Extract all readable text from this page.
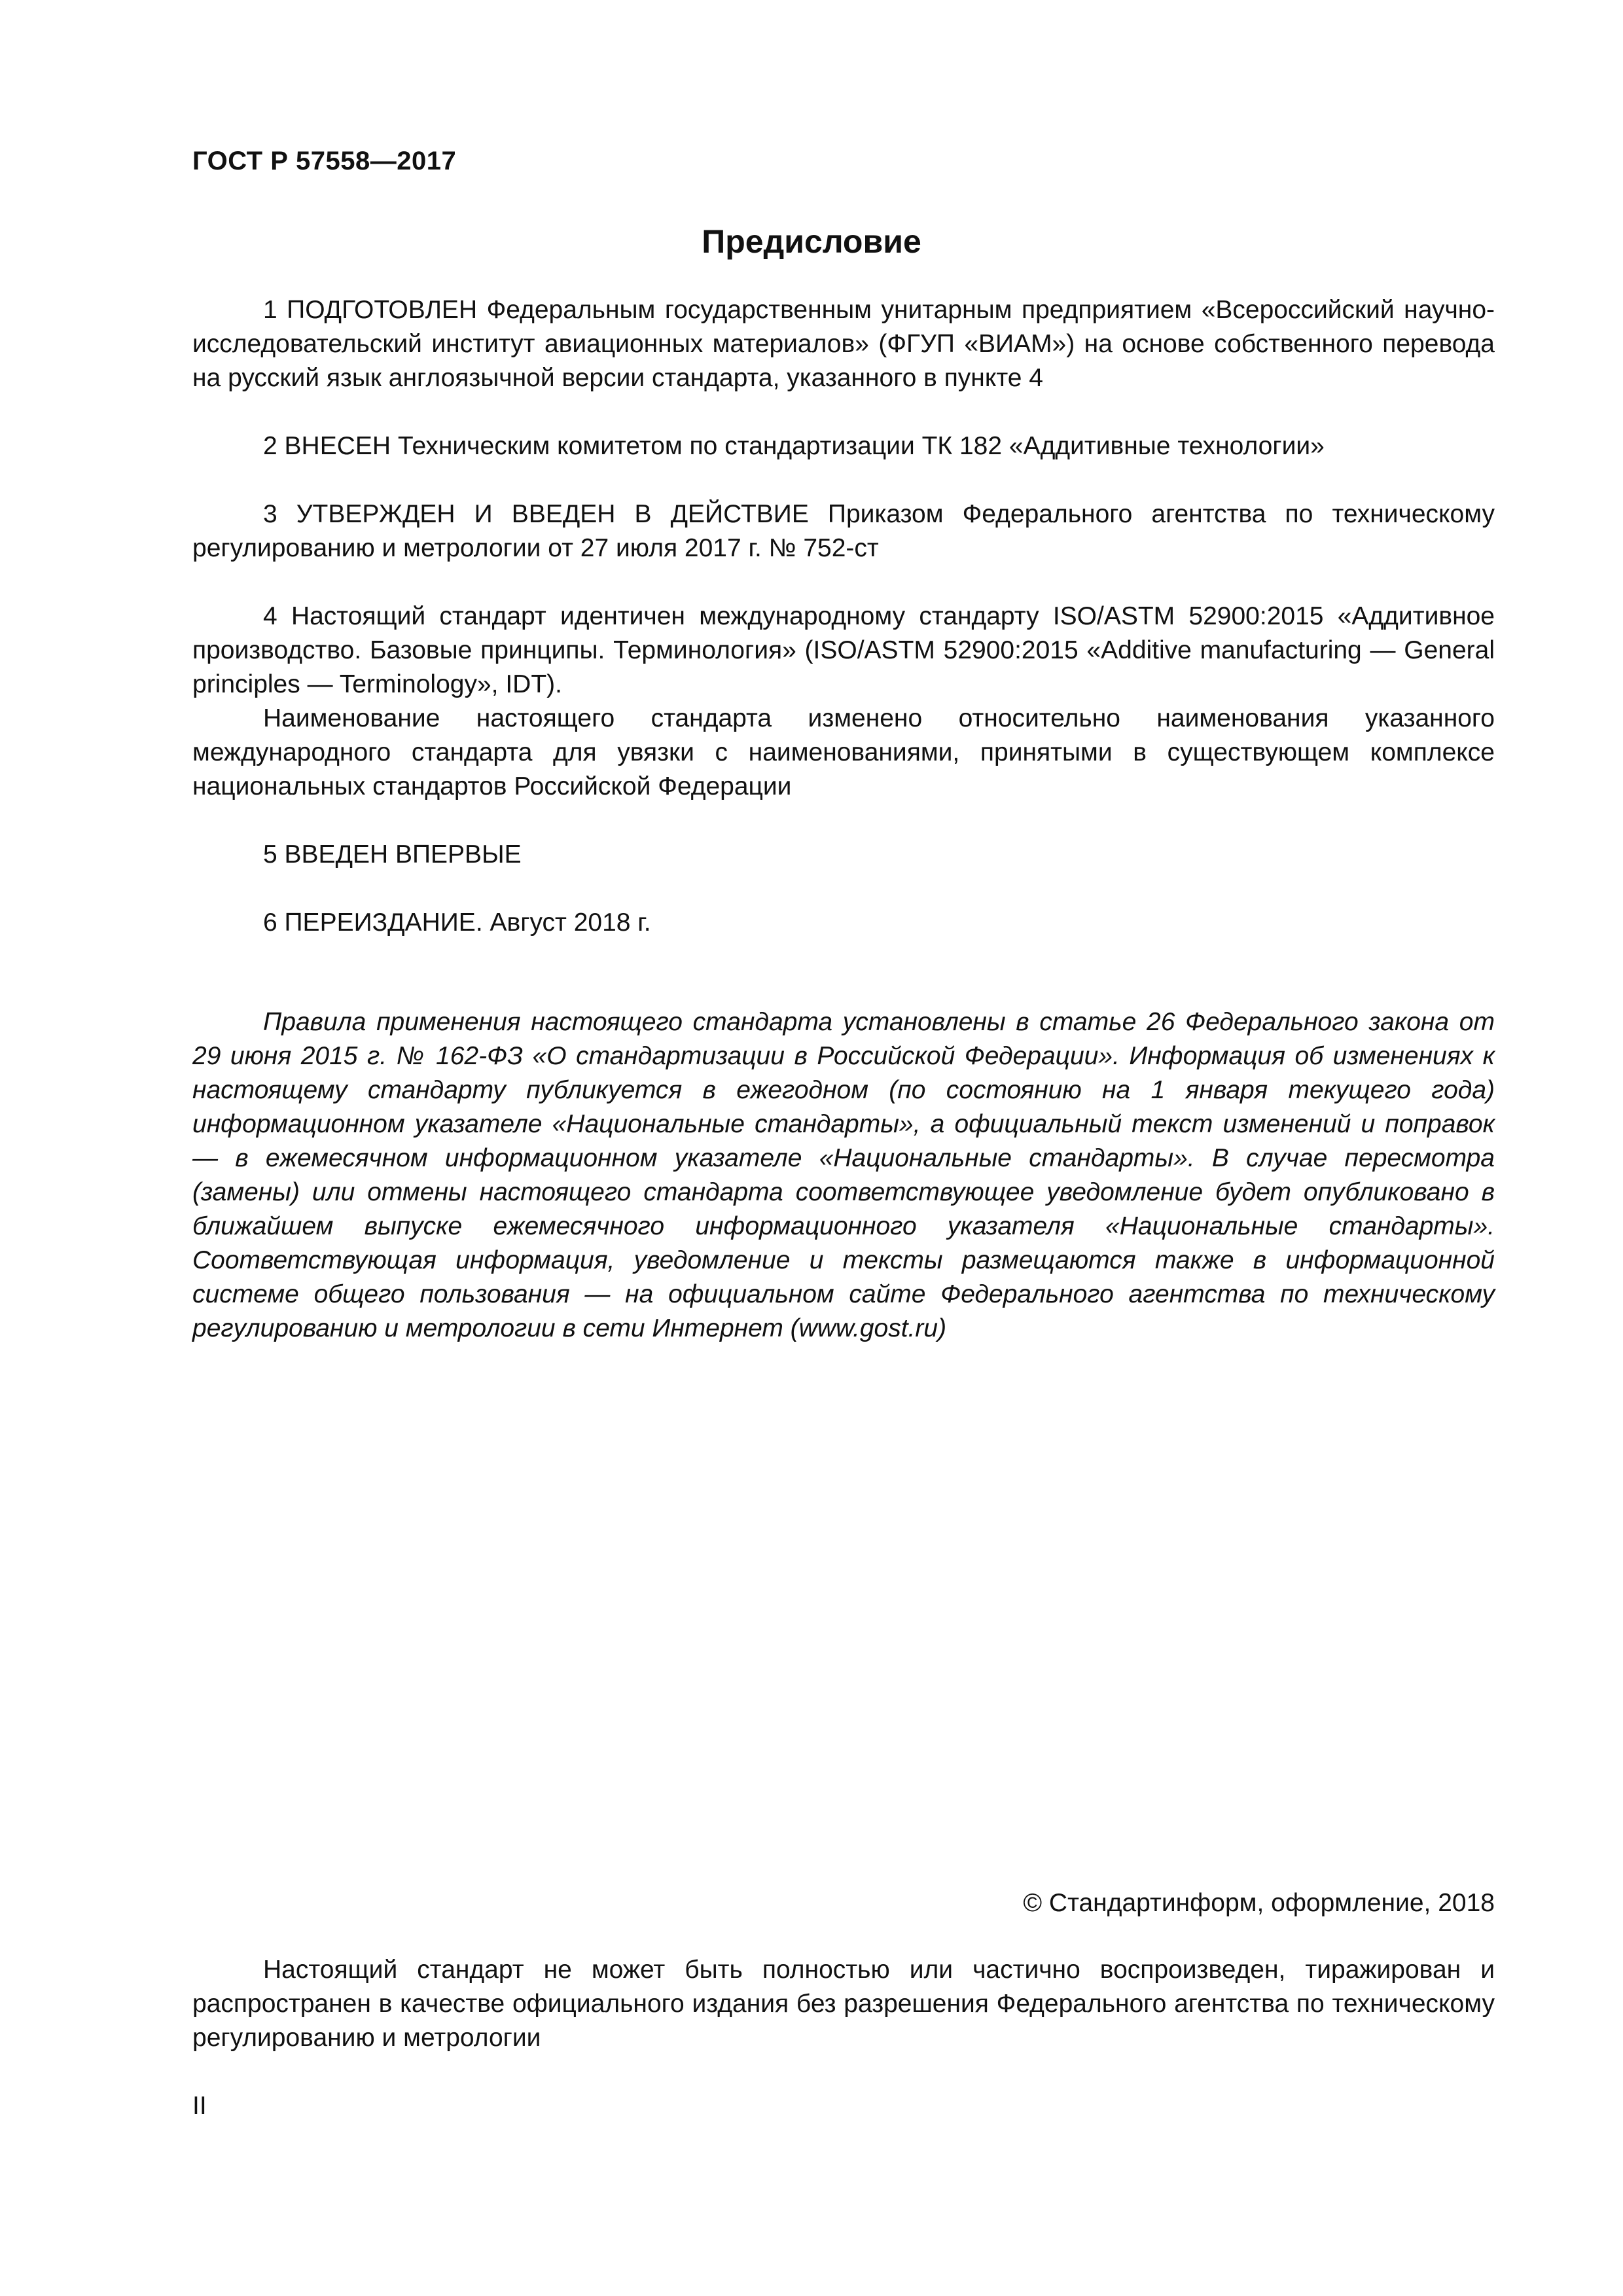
ГОСТ Р 57558—2017
Предисловие

1 ПОДГОТОВЛЕН Федеральным государственным унитарным предприятием «Всероссийский научно-исследовательский институт авиационных материалов» (ФГУП «ВИАМ») на основе собственного перевода на русский язык англоязычной версии стандарта, указанного в пункте 4

2 ВНЕСЕН Техническим комитетом по стандартизации ТК 182 «Аддитивные технологии»

3 УТВЕРЖДЕН И ВВЕДЕН В ДЕЙСТВИЕ Приказом Федерального агентства по техническому регулированию и метрологии от 27 июля 2017 г. № 752-ст

4 Настоящий стандарт идентичен международному стандарту ISO/ASTM 52900:2015 «Аддитивное производство. Базовые принципы. Терминология» (ISO/ASTM 52900:2015 «Additive manufacturing — General principles — Terminology», IDT).

Наименование настоящего стандарта изменено относительно наименования указанного международного стандарта для увязки с наименованиями, принятыми в существующем комплексе национальных стандартов Российской Федерации

5 ВВЕДЕН ВПЕРВЫЕ

6 ПЕРЕИЗДАНИЕ. Август 2018 г.

Правила применения настоящего стандарта установлены в статье 26 Федерального закона от 29 июня 2015 г. № 162-ФЗ «О стандартизации в Российской Федерации». Информация об изменениях к настоящему стандарту публикуется в ежегодном (по состоянию на 1 января текущего года) информационном указателе «Национальные стандарты», а официальный текст изменений и поправок — в ежемесячном информационном указателе «Национальные стандарты». В случае пересмотра (замены) или отмены настоящего стандарта соответствующее уведомление будет опубликовано в ближайшем выпуске ежемесячного информационного указателя «Национальные стандарты». Соответствующая информация, уведомление и тексты размещаются также в информационной системе общего пользования — на официальном сайте Федерального агентства по техническому регулированию и метрологии в сети Интернет (www.gost.ru)

© Стандартинформ, оформление, 2018

Настоящий стандарт не может быть полностью или частично воспроизведен, тиражирован и распространен в качестве официального издания без разрешения Федерального агентства по техническому регулированию и метрологии

II
